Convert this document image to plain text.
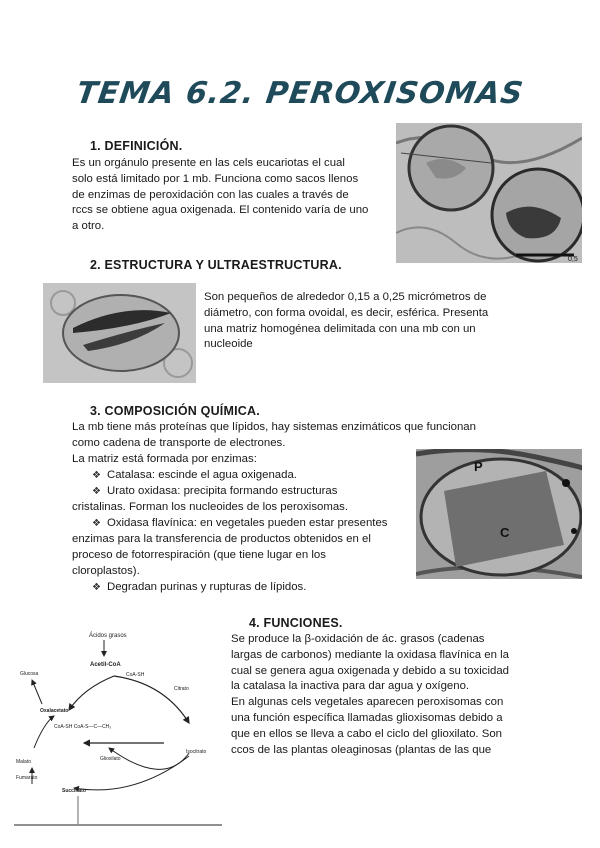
TEMA 6.2. PEROXISOMAS
1. DEFINICIÓN.

Es un orgánulo presente en las cels eucariotas el cual

solo está limitado por 1 mb. Funciona como sacos llenos

de enzimas de peroxidación con las cuales a través de

rccs se obtiene agua oxigenada. El contenido varía de uno

a otro.

0,5
2. ESTRUCTURA Y ULTRAESTRUCTURA.

Son pequeños de alrededor 0,15 a 0,25 micrómetros de

diámetro, con forma ovoidal, es decir, esférica. Presenta

una matriz homogénea delimitada con una mb con un

nucleoide

3. COMPOSICIÓN QUÍMICA.

La mb tiene más proteínas que lípidos, hay sistemas enzimáticos que funcionan

como cadena de transporte de electrones.

La matriz está formada por enzimas:

❖ Catalasa: escinde el agua oxigenada.
❖ Urato oxidasa: precipita formando estructuras
cristalinas. Forman los nucleoides de los peroxisomas.
❖ Oxidasa flavínica: en vegetales pueden estar presentes

enzimas para la transferencia de productos obtenidos en el

proceso de fotorrespiración (que tiene lugar en los

cloroplastos).

❖ Degradan purinas y rupturas de lípidos.
P
C
4. FUNCIONES.

Se produce la β-oxidación de ác. grasos (cadenas

largas de carbonos) mediante la oxidasa flavínica en la

cual se genera agua oxigenada y debido a su toxicidad

la catalasa la inactiva para dar agua y oxígeno.

En algunas cels vegetales aparecen peroxisomas con

una función específica llamadas glioxisomas debido a

que en ellos se lleva a cabo el ciclo del glioxilato. Son

ccos de las plantas oleaginosas (plantas de las que

Ácidos grasos
Acetil-CoA
CoA-SH
Citrato
Glucosa
Oxalacetato
CoA-SH CoA-S—C—CH₃
Glioxilato
Isocitrato
Malato
Fumarato
Succinato
